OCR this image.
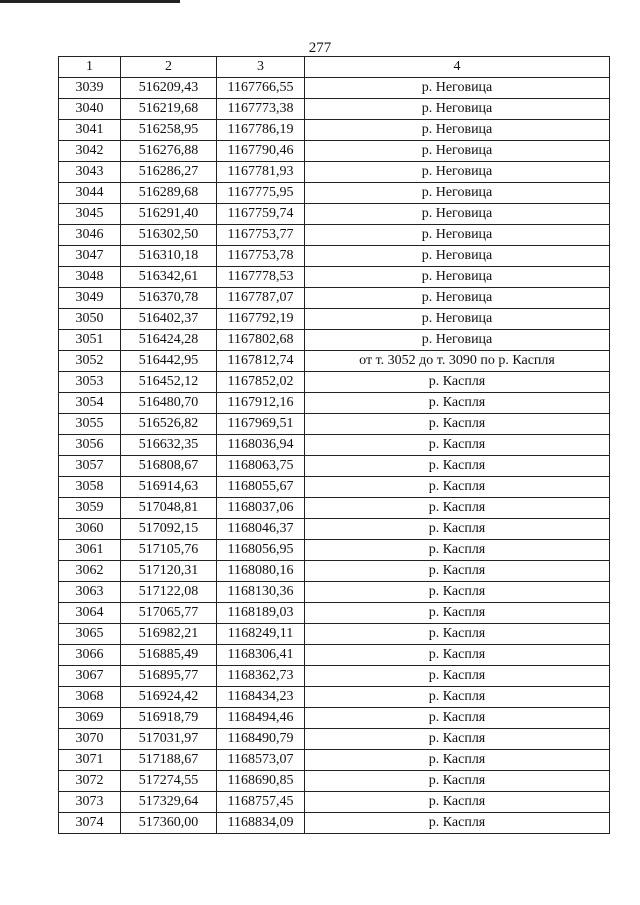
277
1	2	3	4
3039	516209,43	1167766,55	р. Неговица
3040	516219,68	1167773,38	р. Неговица
3041	516258,95	1167786,19	р. Неговица
3042	516276,88	1167790,46	р. Неговица
3043	516286,27	1167781,93	р. Неговица
3044	516289,68	1167775,95	р. Неговица
3045	516291,40	1167759,74	р. Неговица
3046	516302,50	1167753,77	р. Неговица
3047	516310,18	1167753,78	р. Неговица
3048	516342,61	1167778,53	р. Неговица
3049	516370,78	1167787,07	р. Неговица
3050	516402,37	1167792,19	р. Неговица
3051	516424,28	1167802,68	р. Неговица
3052	516442,95	1167812,74	от т. 3052 до т. 3090 по р. Каспля
3053	516452,12	1167852,02	р. Каспля
3054	516480,70	1167912,16	р. Каспля
3055	516526,82	1167969,51	р. Каспля
3056	516632,35	1168036,94	р. Каспля
3057	516808,67	1168063,75	р. Каспля
3058	516914,63	1168055,67	р. Каспля
3059	517048,81	1168037,06	р. Каспля
3060	517092,15	1168046,37	р. Каспля
3061	517105,76	1168056,95	р. Каспля
3062	517120,31	1168080,16	р. Каспля
3063	517122,08	1168130,36	р. Каспля
3064	517065,77	1168189,03	р. Каспля
3065	516982,21	1168249,11	р. Каспля
3066	516885,49	1168306,41	р. Каспля
3067	516895,77	1168362,73	р. Каспля
3068	516924,42	1168434,23	р. Каспля
3069	516918,79	1168494,46	р. Каспля
3070	517031,97	1168490,79	р. Каспля
3071	517188,67	1168573,07	р. Каспля
3072	517274,55	1168690,85	р. Каспля
3073	517329,64	1168757,45	р. Каспля
3074	517360,00	1168834,09	р. Каспля
